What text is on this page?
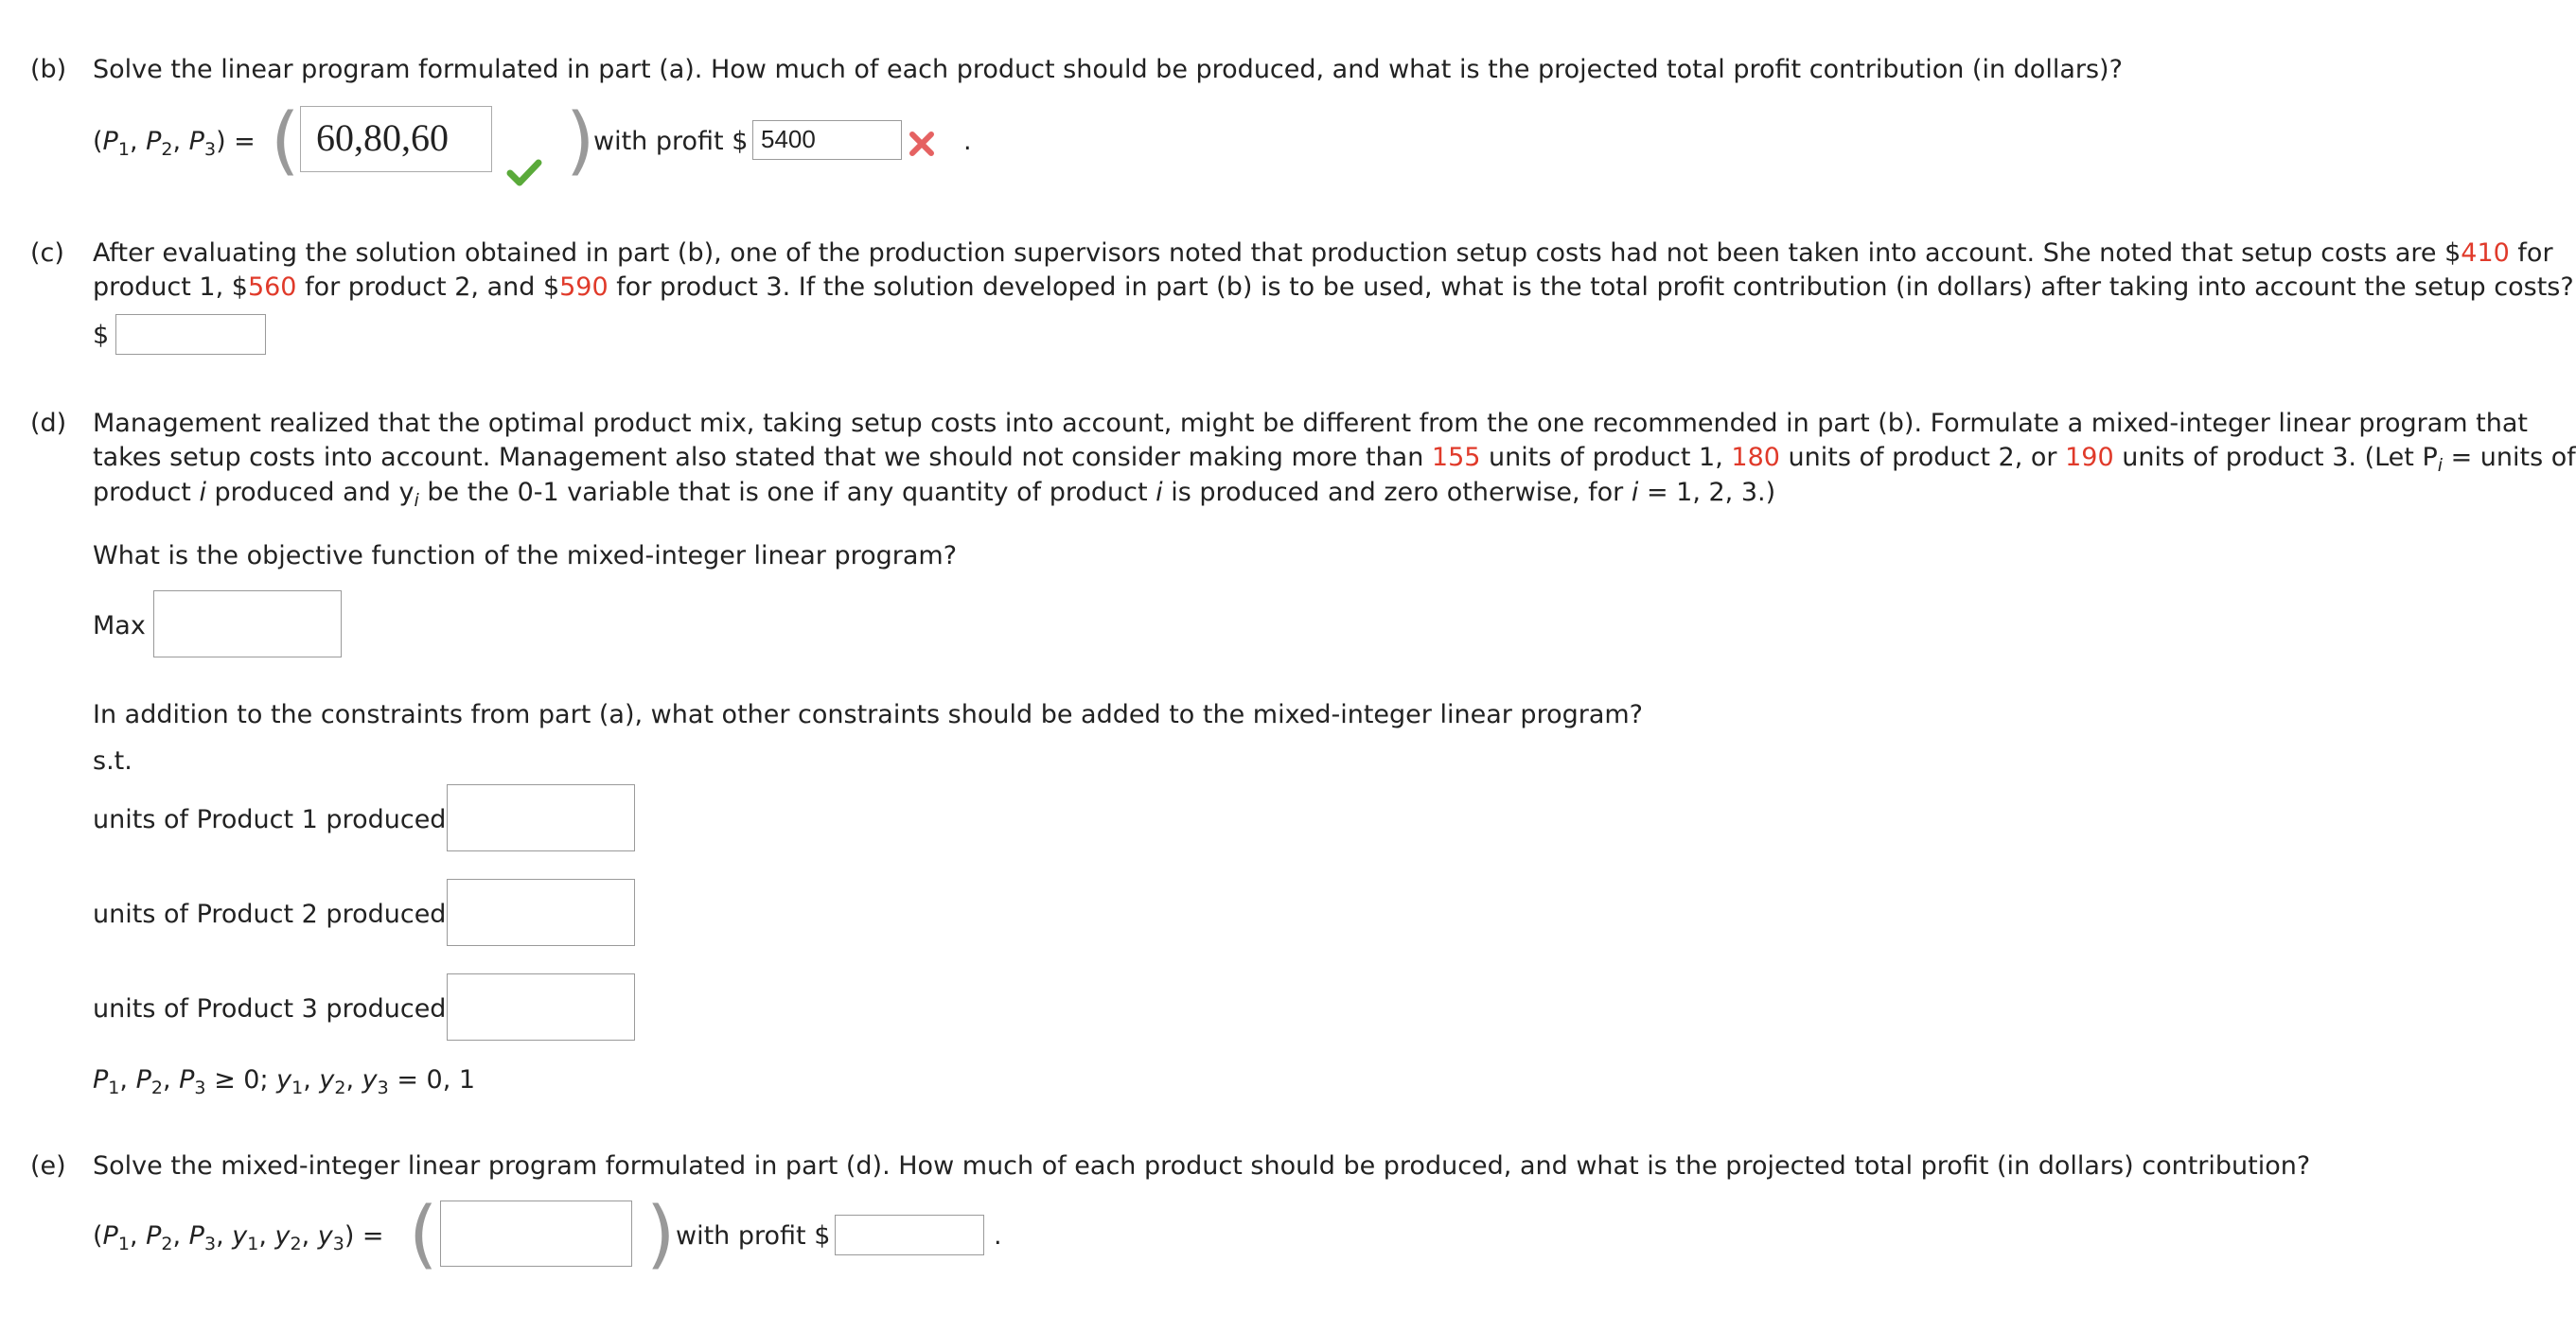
(b) Solve the linear program formulated in part (a). How much of each product should be produced, and what is the projected total profit contribution (in dollars)?
($P_1$, $P_2$, $P_3$) = ( 60,80,60	)
with profit $ 5400	.
(c) After evaluating the solution obtained in part (b), one of the production supervisors noted that production setup costs had not been taken into account. She noted that setup costs are $410 for
product 1, $560 for product 2, and $590 for product 3. If the solution developed in part (b) is to be used, what is the total profit contribution (in dollars) after taking into account the setup costs?
$
(d) Management realized that the optimal product mix, taking setup costs into account, might be different from the one recommended in part (b). Formulate a mixed-integer linear program that
takes setup costs into account. Management also stated that we should not consider making more than 155 units of product 1, 180 units of product 2, or 190 units of product 3. (Let $P_i$ = units of
product i produced and $y_i$ be the 0-1 variable that is one if any quantity of product i is produced and zero otherwise, for i = 1, 2, 3.)
What is the objective function of the mixed-integer linear program?
Max
In addition to the constraints from part (a), what other constraints should be added to the mixed-integer linear program?
s.t.
units of Product 1 produced
units of Product 2 produced
units of Product 3 produced
$P_1$, $P_2$, $P_3 \ge 0$; $y_1$, $y_2$, $y_3 = 0$, 1
(e) Solve the mixed-integer linear program formulated in part (d). How much of each product should be produced, and what is the projected total profit (in dollars) contribution?
($P_1$, $P_2$, $P_3$, $y_1$, $y_2$, $y_3$) = (	) with profit $	.
